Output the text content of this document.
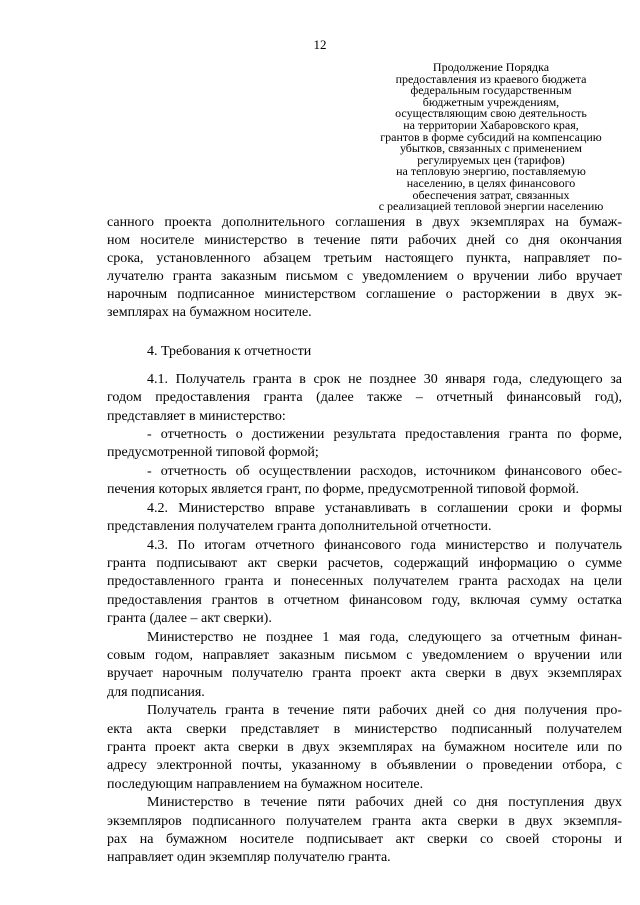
12
Продолжение Порядка
предоставления из краевого бюджета
федеральным государственным
бюджетным учреждениям,
осуществляющим свою деятельность
на территории Хабаровского края,
грантов в форме субсидий на компенсацию
убытков, связанных с применением
регулируемых цен (тарифов)
на тепловую энергию, поставляемую
населению, в целях финансового
обеспечения затрат, связанных
с реализацией тепловой энергии населению

санного проекта дополнительного соглашения в двух экземплярах на бумаж-

ном носителе министерство в течение пяти рабочих дней со дня окончания

срока, установленного абзацем третьим настоящего пункта, направляет по-

лучателю гранта заказным письмом с уведомлением о вручении либо вручает

нарочным подписанное министерством соглашение о расторжении в двух эк-

земплярах на бумажном носителе.

4. Требования к отчетности

4.1. Получатель гранта в срок не позднее 30 января года, следующего за

годом предоставления гранта (далее также – отчетный финансовый год),

представляет в министерство:

- отчетность о достижении результата предоставления гранта по форме,

предусмотренной типовой формой;

- отчетность об осуществлении расходов, источником финансового обес-

печения которых является грант, по форме, предусмотренной типовой формой.

4.2. Министерство вправе устанавливать в соглашении сроки и формы

представления получателем гранта дополнительной отчетности.

4.3. По итогам отчетного финансового года министерство и получатель

гранта подписывают акт сверки расчетов, содержащий информацию о сумме

предоставленного гранта и понесенных получателем гранта расходах на цели

предоставления грантов в отчетном финансовом году, включая сумму остатка

гранта (далее – акт сверки).

Министерство не позднее 1 мая года, следующего за отчетным финан-

совым годом, направляет заказным письмом с уведомлением о вручении или

вручает нарочным получателю гранта проект акта сверки в двух экземплярах

для подписания.

Получатель гранта в течение пяти рабочих дней со дня получения про-

екта акта сверки представляет в министерство подписанный получателем

гранта проект акта сверки в двух экземплярах на бумажном носителе или по

адресу электронной почты, указанному в объявлении о проведении отбора, с

последующим направлением на бумажном носителе.

Министерство в течение пяти рабочих дней со дня поступления двух

экземпляров подписанного получателем гранта акта сверки в двух экземпля-

рах на бумажном носителе подписывает акт сверки со своей стороны и

направляет один экземпляр получателю гранта.
